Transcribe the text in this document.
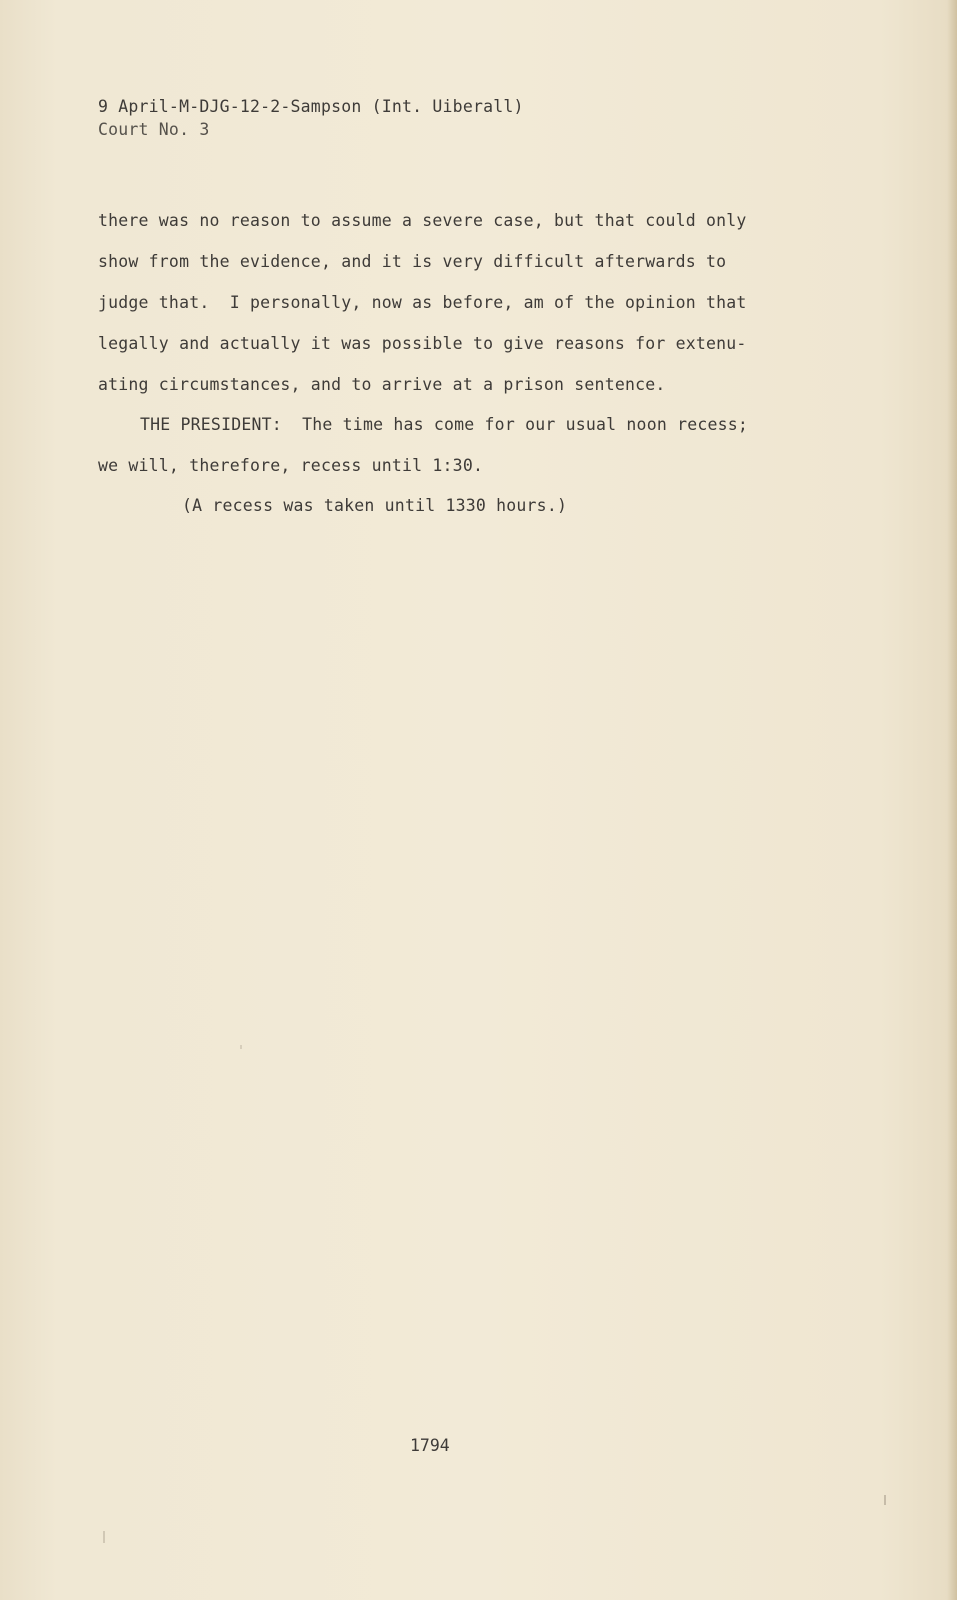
9 April-M-DJG-12-2-Sampson (Int. Uiberall)
Court No. 3
there was no reason to assume a severe case, but that could only
show from the evidence, and it is very difficult afterwards to
judge that.  I personally, now as before, am of the opinion that
legally and actually it was possible to give reasons for extenu-
ating circumstances, and to arrive at a prison sentence.
THE PRESIDENT:  The time has come for our usual noon recess;
we will, therefore, recess until 1:30.
(A recess was taken until 1330 hours.)
1794
